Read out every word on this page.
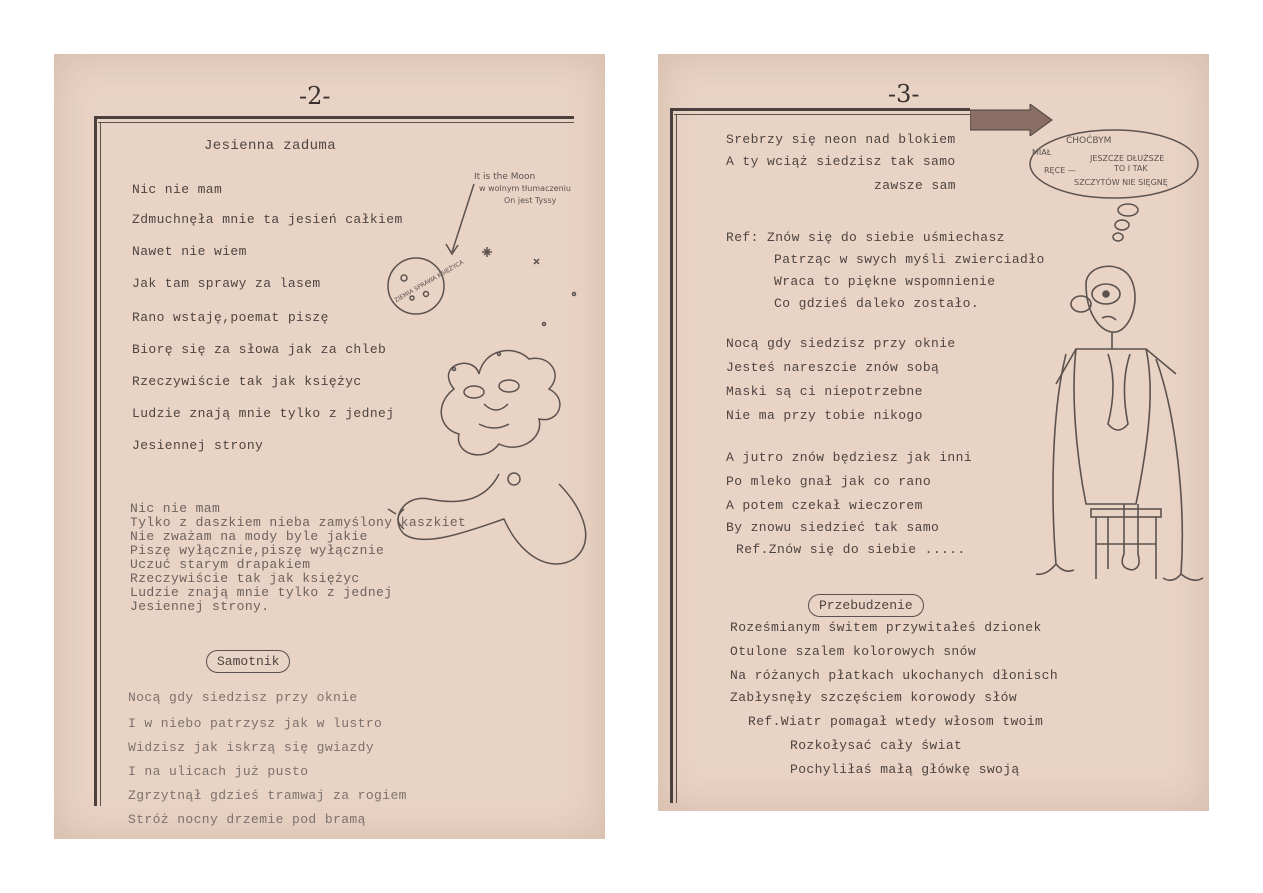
-2-
Jesienna zaduma
Nic nie mam
Zdmuchnęła mnie ta jesień całkiem
Nawet nie wiem
Jak tam sprawy za lasem
Rano wstaję,poemat piszę
Biorę się za słowa jak za chleb
Rzeczywiście tak jak księżyc
Ludzie znają mnie tylko z jednej
Jesiennej strony
Nic nie mam
Tylko z daszkiem nieba zamyślony kaszkiet
Nie zważam na mody byle jakie
Piszę wyłącznie,piszę wyłącznie
Uczuć starym drapakiem
Rzeczywiście tak jak księżyc
Ludzie znają mnie tylko z jednej
Jesiennej strony.
Samotnik
Nocą gdy siedzisz przy oknie
I w niebo patrzysz jak w lustro
Widzisz jak iskrzą się gwiazdy
I na ulicach już pusto
Zgrzytnął gdzieś tramwaj za rogiem
Stróż nocny drzemie pod bramą
It is the Moon
w wolnym tłumaczeniu
On jest Tyssy
ZIEMIA SPRAWA KSIĘŻYCA
-3-
Srebrzy się neon nad blokiem
A ty wciąż siedzisz tak samo
zawsze sam
Ref: Znów się do siebie uśmiechasz
Patrząc w swych myśli zwierciadło
Wraca to piękne wspomnienie
Co gdzieś daleko zostało.
Nocą gdy siedzisz przy oknie
Jesteś nareszcie znów sobą
Maski są ci niepotrzebne
Nie ma przy tobie nikogo
A jutro znów będziesz jak inni
Po mleko gnał jak co rano
A potem czekał wieczorem
By znowu siedzieć tak samo
Ref.Znów się do siebie .....
Przebudzenie
Roześmianym świtem przywitałeś dzionek
Otulone szalem kolorowych snów
Na różanych płatkach ukochanych dłonisch
Zabłysnęły szczęściem korowody słów
Ref.Wiatr pomagał wtedy włosom twoim
Rozkołysać cały świat
Pochyliłaś małą główkę swoją
CHOĆBYM
MIAŁ
JESZCZE DŁUŻSZE
RĘCE —	TO I TAK
SZCZYTÓW NIE SIĘGNĘ
